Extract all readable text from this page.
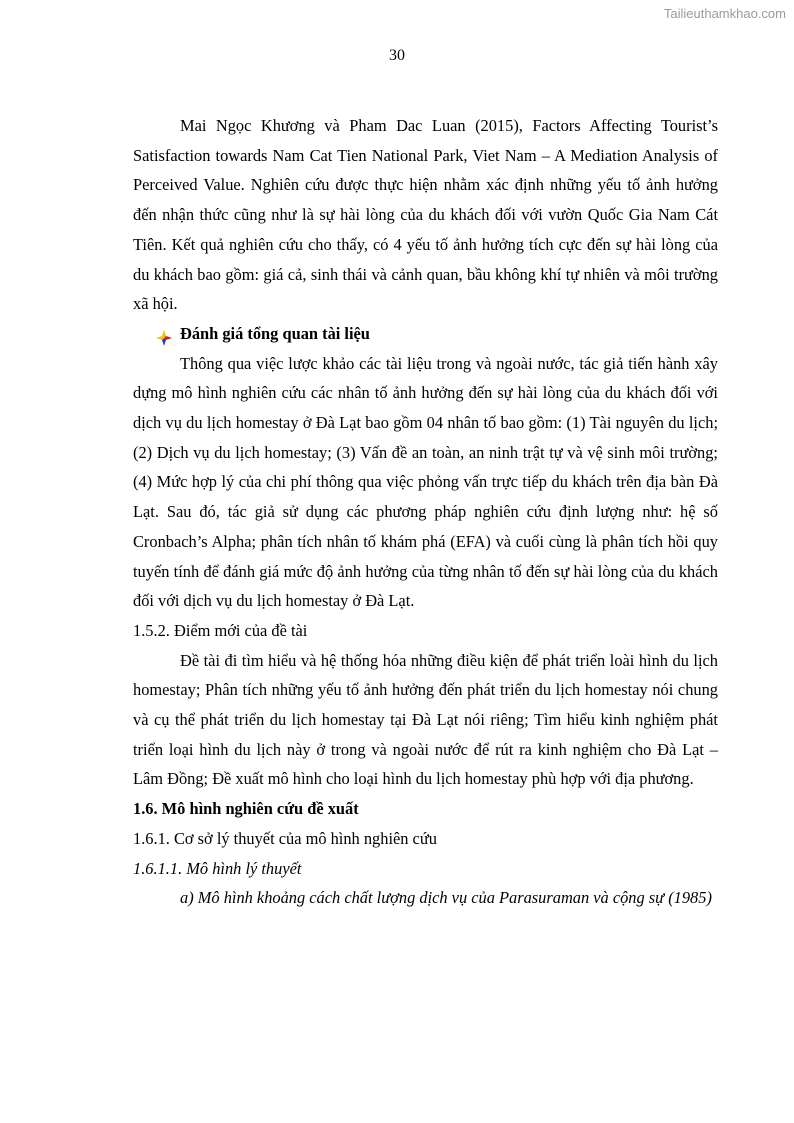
Tailieuthamkhao.com
30

Mai Ngọc Khương và Pham Dac Luan (2015), Factors Affecting Tourist’s Satisfaction towards Nam Cat Tien National Park, Viet Nam – A Mediation Analysis of Perceived Value. Nghiên cứu được thực hiện nhằm xác định những yếu tố ảnh hưởng đến nhận thức cũng như là sự hài lòng của du khách đối với vườn Quốc Gia Nam Cát Tiên. Kết quả nghiên cứu cho thấy, có 4 yếu tố ảnh hưởng tích cực đến sự hài lòng của du khách bao gồm: giá cả, sinh thái và cảnh quan, bầu không khí tự nhiên và môi trường xã hội.

Đánh giá tổng quan tài liệu

Thông qua việc lược khảo các tài liệu trong và ngoài nước, tác giả tiến hành xây dựng mô hình nghiên cứu các nhân tố ảnh hưởng đến sự hài lòng của du khách đối với dịch vụ du lịch homestay ở Đà Lạt bao gồm 04 nhân tố bao gồm: (1) Tài nguyên du lịch; (2) Dịch vụ du lịch homestay; (3) Vấn đề an toàn, an ninh trật tự và vệ sinh môi trường; (4) Mức hợp lý của chi phí thông qua việc phỏng vấn trực tiếp du khách trên địa bàn Đà Lạt. Sau đó, tác giả sử dụng các phương pháp nghiên cứu định lượng như: hệ số Cronbach’s Alpha; phân tích nhân tố khám phá (EFA) và cuối cùng là phân tích hồi quy tuyến tính để đánh giá mức độ ảnh hưởng của từng nhân tố đến sự hài lòng của du khách đối với dịch vụ du lịch homestay ở Đà Lạt.

1.5.2. Điểm mới của đề tài

Đề tài đi tìm hiểu và hệ thống hóa những điều kiện để phát triển loài hình du lịch homestay; Phân tích những yếu tố ảnh hưởng đến phát triển du lịch homestay nói chung và cụ thể phát triển du lịch homestay tại Đà Lạt nói riêng; Tìm hiểu kinh nghiệm phát triển loại hình du lịch này ở trong và ngoài nước để rút ra kinh nghiệm cho Đà Lạt – Lâm Đồng; Đề xuất mô hình cho loại hình du lịch homestay phù hợp với địa phương.

1.6. Mô hình nghiên cứu đề xuất

1.6.1. Cơ sở lý thuyết của mô hình nghiên cứu

1.6.1.1. Mô hình lý thuyết

a) Mô hình khoảng cách chất lượng dịch vụ của Parasuraman và cộng sự (1985)
